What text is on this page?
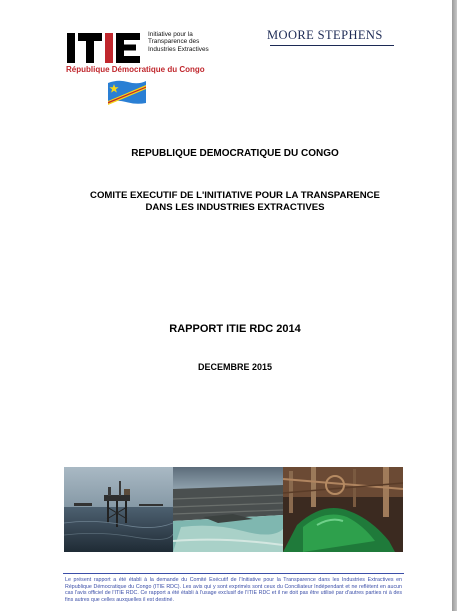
Initiative pour la Transparence des Industries Extractives
République Démocratique du Congo
MOORE STEPHENS
REPUBLIQUE DEMOCRATIQUE DU CONGO
COMITE EXECUTIF DE L'INITIATIVE POUR LA TRANSPARENCE
DANS LES INDUSTRIES EXTRACTIVES
RAPPORT ITIE RDC 2014
DECEMBRE 2015
Le présent rapport a été établi à la demande du Comité Exécutif de l'Initiative pour la Transparence dans les Industries Extractives en République Démocratique du Congo (ITIE RDC). Les avis qui y sont exprimés sont ceux du Conciliateur Indépendant et ne reflètent en aucun cas l'avis officiel de l'ITIE RDC. Ce rapport a été établi à l'usage exclusif de l'ITIE RDC et il ne doit pas être utilisé par d'autres parties ni à des fins autres que celles auxquelles il est destiné.
